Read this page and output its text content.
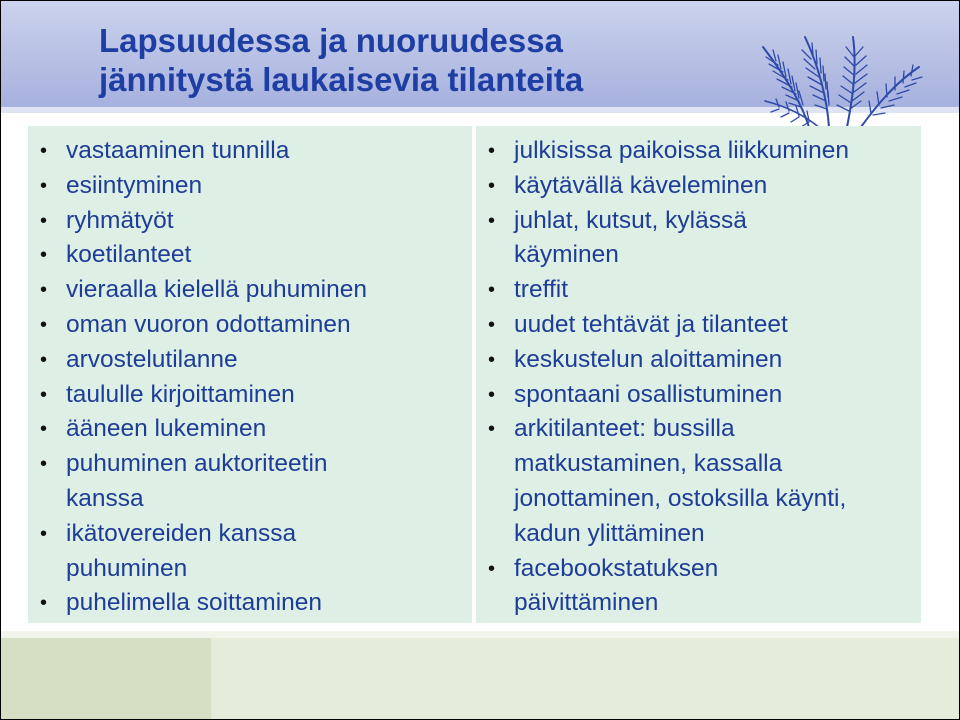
Lapsuudessa ja nuoruudessa
jännitystä laukaisevia tilanteita
• vastaaminen tunnilla
• esiintyminen
• ryhmätyöt
• koetilanteet
• vieraalla kielellä puhuminen
• oman vuoron odottaminen
• arvostelutilanne
• taululle kirjoittaminen
• ääneen lukeminen
• puhuminen auktoriteetin
kanssa
• ikätovereiden kanssa
puhuminen
• puhelimella soittaminen
• julkisissa paikoissa liikkuminen
• käytävällä käveleminen
• juhlat, kutsut, kylässä
käyminen
• treffit
• uudet tehtävät ja tilanteet
• keskustelun aloittaminen
• spontaani osallistuminen
• arkitilanteet: bussilla
matkustaminen, kassalla
jonottaminen, ostoksilla käynti,
kadun ylittäminen
• facebookstatuksen
päivittäminen
